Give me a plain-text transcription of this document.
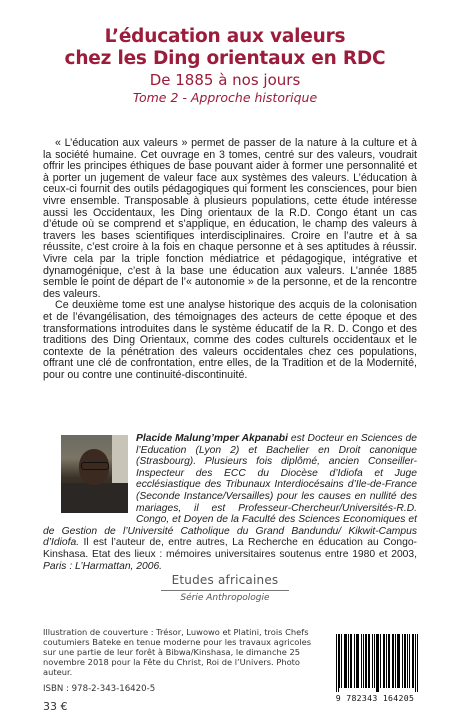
L’éducation aux valeurs
chez les Ding orientaux en RDC
De 1885 à nos jours
Tome 2 - Approche historique

« L’éducation aux valeurs » permet de passer de la nature à la culture et à la société humaine. Cet ouvrage en 3 tomes, centré sur des valeurs, voudrait offrir les principes éthiques de base pouvant aider à former une personnalité et à porter un jugement de valeur face aux systèmes des valeurs. L’éducation à ceux-ci fournit des outils pédagogiques qui forment les consciences, pour bien vivre ensemble. Transposable à plusieurs populations, cette étude intéresse aussi les Occidentaux, les Ding orientaux de la R.D. Congo étant un cas d’étude où se comprend et s’applique, en éducation, le champ des valeurs à travers les bases scientifiques interdisciplinaires. Croire en l’autre et à sa réussite, c’est croire à la fois en chaque personne et à ses aptitudes à réussir. Vivre cela par la triple fonction médiatrice et pédagogique, intégrative et dynamogénique, c’est à la base une éducation aux valeurs. L’année 1885 semble le point de départ de l’« autonomie » de la personne, et de la rencontre des valeurs.

Ce deuxième tome est une analyse historique des acquis de la colonisation et de l’évangélisation, des témoignages des acteurs de cette époque et des transformations introduites dans le système éducatif de la R. D. Congo et des traditions des Ding Orientaux, comme des codes culturels occidentaux et le contexte de la pénétration des valeurs occidentales chez ces populations, offrant une clé de confrontation, entre elles, de la Tradition et de la Modernité, pour ou contre une continuité-discontinuité.

Placide Malung’mper Akpanabi est Docteur en Sciences de l’Education (Lyon 2) et Bachelier en Droit canonique (Strasbourg). Plusieurs fois diplômé, ancien Conseiller-Inspecteur des ECC du Diocèse d’Idiofa et Juge ecclésiastique des Tribunaux Interdiocésains d’Ile-de-France (Seconde Instance/Versailles) pour les causes en nullité des mariages, il est Professeur-Chercheur/Universités-R.D. Congo, et Doyen de la Faculté des Sciences Economiques et de Gestion de l’Université Catholique du Grand Bandundu/ Kikwit-Campus d’Idiofa. Il est l’auteur de, entre autres, La Recherche en éducation au Congo-Kinshasa. Etat des lieux : mémoires universitaires soutenus entre 1980 et 2003, Paris : L’Harmattan, 2006.
Etudes africaines
Série Anthropologie
Illustration de couverture : Trésor, Luwowo et Platini, trois Chefs coutumiers Bateke en tenue moderne pour les travaux agricoles sur une partie de leur forêt à Bibwa/Kinshasa, le dimanche 25 novembre 2018 pour la Fête du Christ, Roi de l’Univers. Photo auteur.
ISBN : 978-2-343-16420-5
33 €
9 782343 164205
